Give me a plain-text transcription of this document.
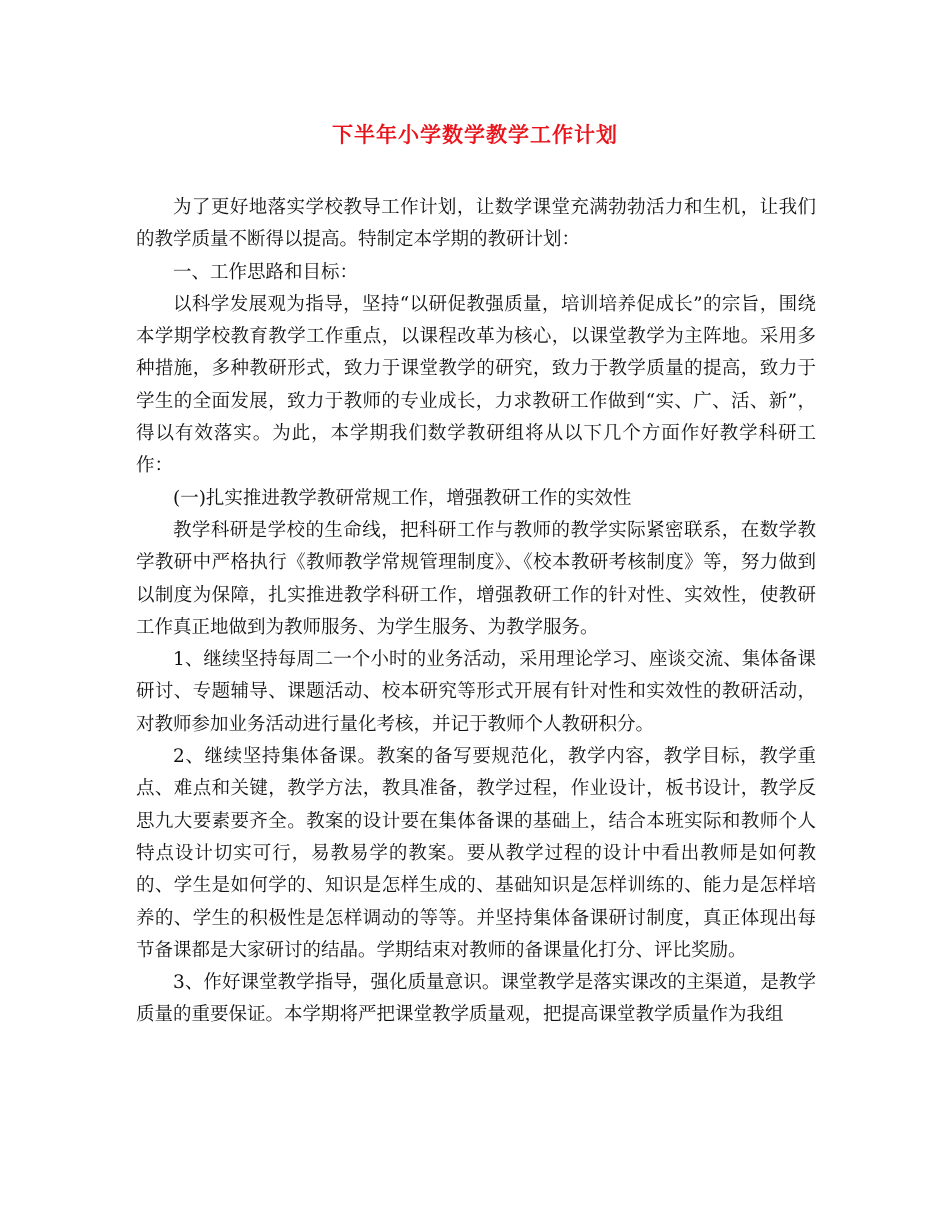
下半年小学数学教学工作计划

为了更好地落实学校教导工作计划，让数学课堂充满勃勃活力和生机，让我们的教学质量不断得以提高。特制定本学期的教研计划：

一、工作思路和目标：

以科学发展观为指导，坚持“以研促教强质量，培训培养促成长”的宗旨，围绕本学期学校教育教学工作重点，以课程改革为核心，以课堂教学为主阵地。采用多种措施，多种教研形式，致力于课堂教学的研究，致力于教学质量的提高，致力于学生的全面发展，致力于教师的专业成长，力求教研工作做到“实、广、活、新”，得以有效落实。为此，本学期我们数学教研组将从以下几个方面作好教学科研工作：

(一)扎实推进教学教研常规工作，增强教研工作的实效性

教学科研是学校的生命线，把科研工作与教师的教学实际紧密联系，在数学教学教研中严格执行《教师教学常规管理制度》、《校本教研考核制度》等，努力做到以制度为保障，扎实推进教学科研工作，增强教研工作的针对性、实效性，使教研工作真正地做到为教师服务、为学生服务、为教学服务。

1、继续坚持每周二一个小时的业务活动，采用理论学习、座谈交流、集体备课研讨、专题辅导、课题活动、校本研究等形式开展有针对性和实效性的教研活动，对教师参加业务活动进行量化考核，并记于教师个人教研积分。

2、继续坚持集体备课。教案的备写要规范化，教学内容，教学目标，教学重点、难点和关键，教学方法，教具准备，教学过程，作业设计，板书设计，教学反思九大要素要齐全。教案的设计要在集体备课的基础上，结合本班实际和教师个人特点设计切实可行，易教易学的教案。要从教学过程的设计中看出教师是如何教的、学生是如何学的、知识是怎样生成的、基础知识是怎样训练的、能力是怎样培养的、学生的积极性是怎样调动的等等。并坚持集体备课研讨制度，真正体现出每节备课都是大家研讨的结晶。学期结束对教师的备课量化打分、评比奖励。

3、作好课堂教学指导，强化质量意识。课堂教学是落实课改的主渠道，是教学质量的重要保证。本学期将严把课堂教学质量观，把提高课堂教学质量作为我组
